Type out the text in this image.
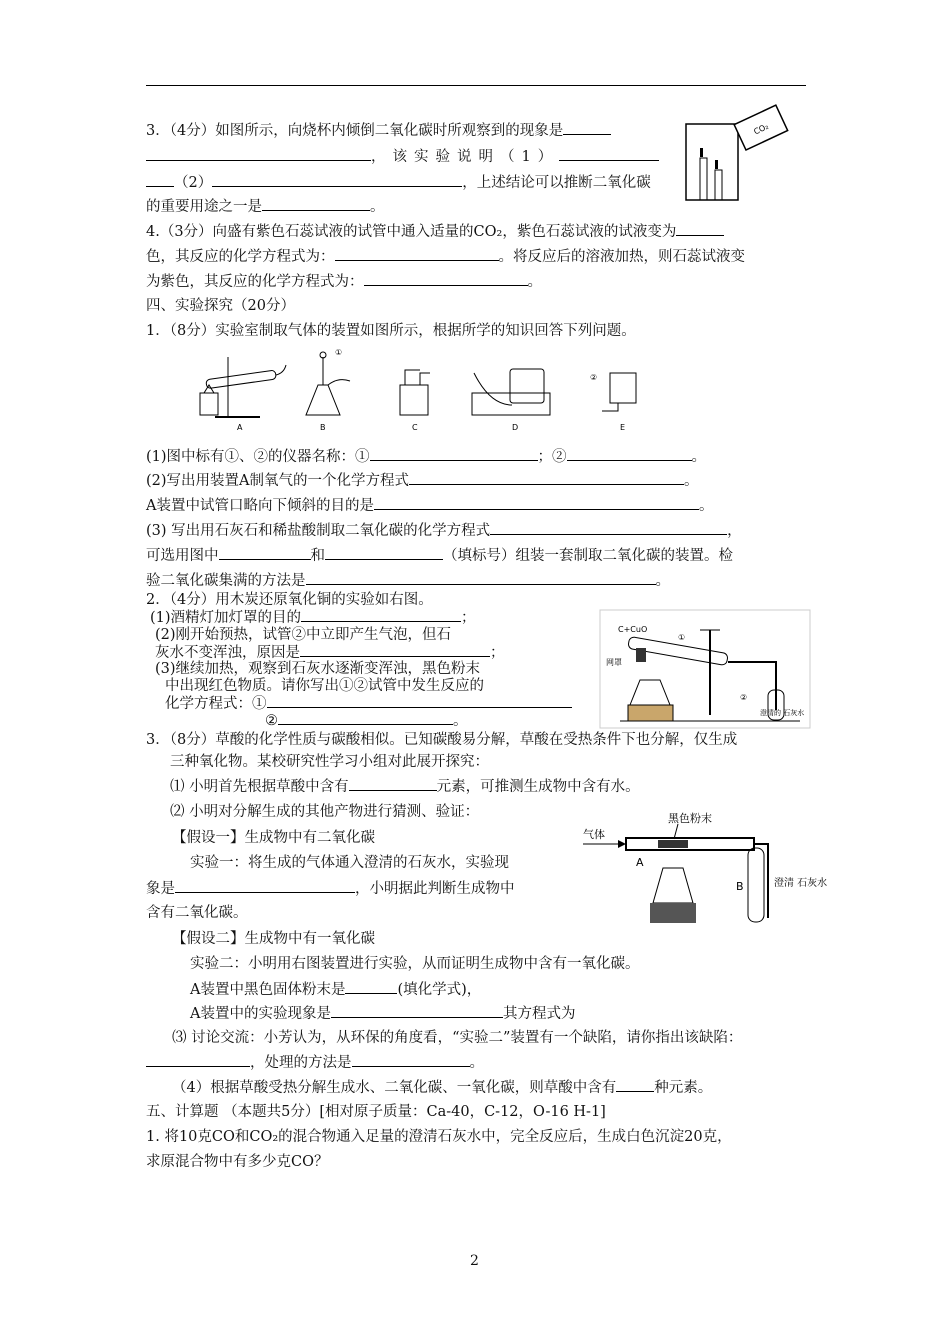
3．（4分）如图所示，向烧杯内倾倒二氧化碳时所观察到的现象是
，该实验说明（1）
（2）	，上述结论可以推断二氧化碳
的重要用途之一是	。
CO₂
4.（3分）向盛有紫色石蕊试液的试管中通入适量的CO₂，紫色石蕊试液的试液变为
色，其反应的化学方程式为：	。将反应后的溶液加热，则石蕊试液变
为紫色，其反应的化学方程式为：	。
四、实验探究（20分）
1．（8分）实验室制取气体的装置如图所示，根据所学的知识回答下列问题。
A
①
B	C	D
②
E
(1)图中标有①、②的仪器名称：①	；②	。
(2)写出用装置A制氧气的一个化学方程式	。
A装置中试管口略向下倾斜的目的是	。
(3) 写出用石灰石和稀盐酸制取二氧化碳的化学方程式	，
可选用图中	和	（填标号）组装一套制取二氧化碳的装置。检
验二氧化碳集满的方法是	。
2．（4分）用木炭还原氧化铜的实验如右图。
(1)酒精灯加灯罩的目的	；
(2)刚开始预热，试管②中立即产生气泡，但石
灰水不变浑浊，原因是	；
(3)继续加热，观察到石灰水逐渐变浑浊，黑色粉末
中出现红色物质。请你写出①②试管中发生反应的
化学方程式：①
②	。
C+CuO
①
网罩
②
澄清的 石灰水
3．（8分）草酸的化学性质与碳酸相似。已知碳酸易分解，草酸在受热条件下也分解，仅生成
三种氧化物。某校研究性学习小组对此展开探究：
⑴ 小明首先根据草酸中含有	元素，可推测生成物中含有水。
⑵ 小明对分解生成的其他产物进行猜测、验证：
【假设一】生成物中有二氧化碳
实验一：将生成的气体通入澄清的石灰水，实验现
象是	，小明据此判断生成物中
含有二氧化碳。
【假设二】生成物中有一氧化碳
实验二：小明用右图装置进行实验，从而证明生成物中含有一氧化碳。
A装置中黑色固体粉末是	(填化学式)，
A装置中的实验现象是	其方程式为
⑶ 讨论交流：小芳认为，从环保的角度看，“实验二”装置有一个缺陷，请你指出该缺陷：
，处理的方法是	。
（4）根据草酸受热分解生成水、二氧化碳、一氧化碳，则草酸中含有	种元素。
气体
黑色粉末
A
B	澄清 石灰水
五、计算题 （本题共5分）[相对原子质量：Ca-40，C-12，O-16 H-1]
1. 将10克CO和CO₂的混合物通入足量的澄清石灰水中，完全反应后，生成白色沉淀20克，
求原混合物中有多少克CO？
2
